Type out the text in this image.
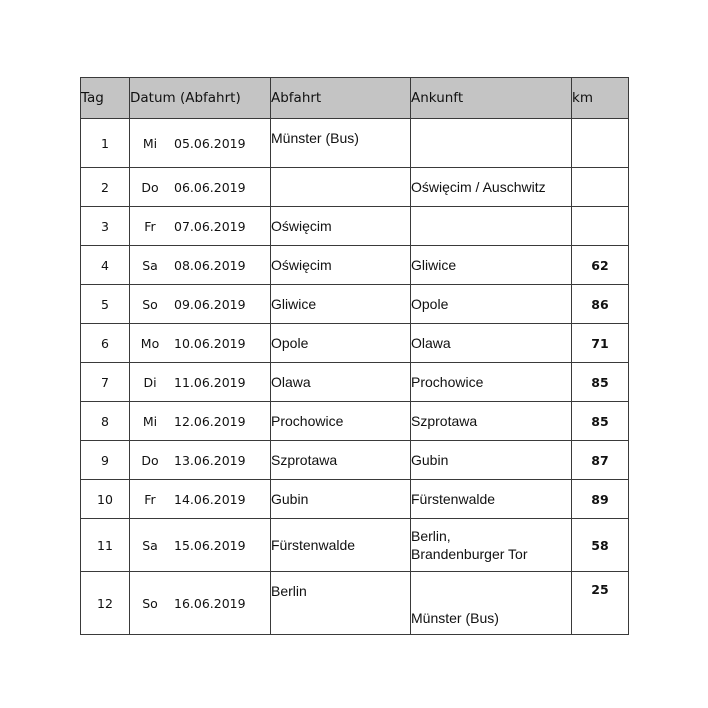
Tag	Datum (Abfahrt)	Abfahrt	Ankunft	km
1	Mi 05.06.2019	Münster (Bus)		
2	Do 06.06.2019		Oświęcim / Auschwitz	
3	Fr 07.06.2019	Oświęcim		
4	Sa 08.06.2019	Oświęcim	Gliwice	62
5	So 09.06.2019	Gliwice	Opole	86
6	Mo 10.06.2019	Opole	Olawa	71
7	Di 11.06.2019	Olawa	Prochowice	85
8	Mi 12.06.2019	Prochowice	Szprotawa	85
9	Do 13.06.2019	Szprotawa	Gubin	87
10	Fr 14.06.2019	Gubin	Fürstenwalde	89
11	Sa 15.06.2019	Fürstenwalde	Berlin,
Brandenburger Tor	58
12	So 16.06.2019	Berlin	Münster (Bus)	25
